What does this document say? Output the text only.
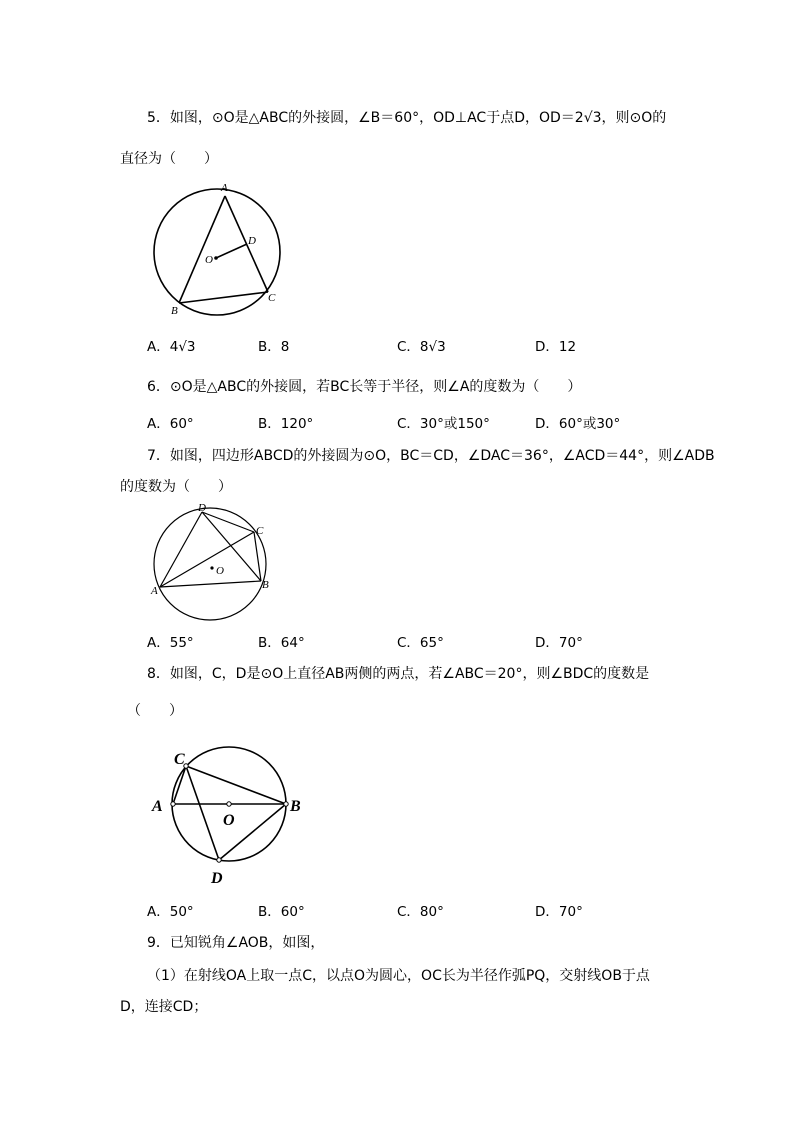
5．如图，⊙O是△ABC的外接圆，∠B＝60°，OD⊥AC于点D，OD＝2√3，则⊙O的
直径为（　　）
A
B
C
D
O
A．4√3	B．8	C．8√3	D．12
6．⊙O是△ABC的外接圆，若BC长等于半径，则∠A的度数为（　　）
A．60°	B．120°	C．30°或150°	D．60°或30°
7．如图，四边形ABCD的外接圆为⊙O，BC＝CD，∠DAC＝36°，∠ACD＝44°，则∠ADB
的度数为（　　）
A	B
C
D
O
A．55°	B．64°	C．65°	D．70°
8．如图，C，D是⊙O上直径AB两侧的两点，若∠ABC＝20°，则∠BDC的度数是
（　　）
A	B
C
D
O
A．50°	B．60°	C．80°	D．70°
9．已知锐角∠AOB，如图，
（1）在射线OA上取一点C，以点O为圆心，OC长为半径作弧PQ，交射线OB于点
D，连接CD；
